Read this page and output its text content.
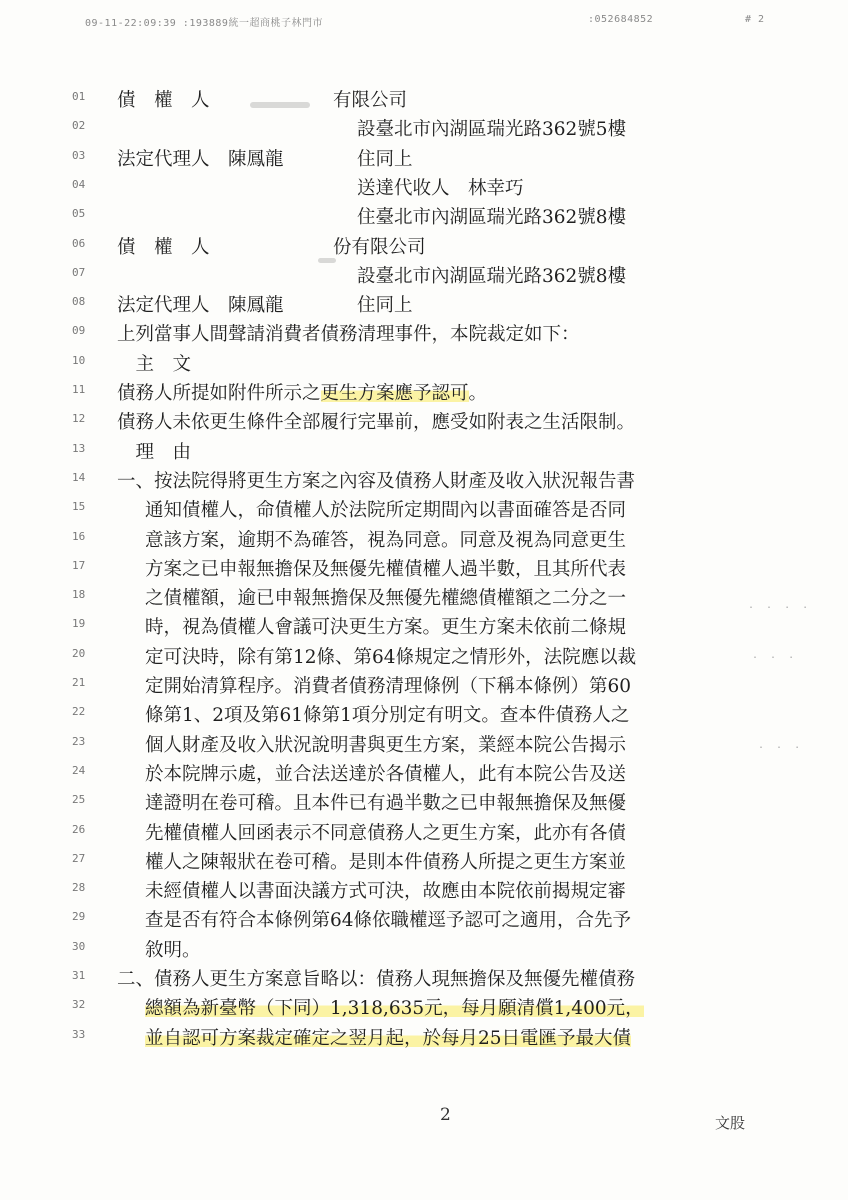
09-11-22:09:39 :193889統一超商桃子林門市	:052684852	# 2
01	債　權　人	有限公司
02	設臺北市內湖區瑞光路362號5樓
03	法定代理人　陳鳳龍	住同上
04	送達代收人　林幸巧
05	住臺北市內湖區瑞光路362號8樓
06	債　權　人	份有限公司
07	設臺北市內湖區瑞光路362號8樓
08	法定代理人　陳鳳龍	住同上
09	上列當事人間聲請消費者債務清理事件，本院裁定如下：
10	　主　文
11	債務人所提如附件所示之更生方案應予認可。
12	債務人未依更生條件全部履行完畢前，應受如附表之生活限制。
13	　理　由
14	一、按法院得將更生方案之內容及債務人財產及收入狀況報告書
15	通知債權人，命債權人於法院所定期間內以書面確答是否同
16	意該方案，逾期不為確答，視為同意。同意及視為同意更生
17	方案之已申報無擔保及無優先權債權人過半數，且其所代表
18	之債權額，逾已申報無擔保及無優先權總債權額之二分之一
19	時，視為債權人會議可決更生方案。更生方案未依前二條規
20	定可決時，除有第12條、第64條規定之情形外，法院應以裁
21	定開始清算程序。消費者債務清理條例（下稱本條例）第60
22	條第1、2項及第61條第1項分別定有明文。查本件債務人之
23	個人財產及收入狀況說明書與更生方案，業經本院公告揭示
24	於本院牌示處，並合法送達於各債權人，此有本院公告及送
25	達證明在卷可稽。且本件已有過半數之已申報無擔保及無優
26	先權債權人回函表示不同意債務人之更生方案，此亦有各債
27	權人之陳報狀在卷可稽。是則本件債務人所提之更生方案並
28	未經債權人以書面決議方式可決，故應由本院依前揭規定審
29	查是否有符合本條例第64條依職權逕予認可之適用，合先予
30	敘明。
31	二、債務人更生方案意旨略以：債務人現無擔保及無優先權債務
32	總額為新臺幣（下同）1,318,635元，每月願清償1,400元，
33	並自認可方案裁定確定之翌月起，於每月25日電匯予最大債
. . . .
. . .
. . .
2	文股
